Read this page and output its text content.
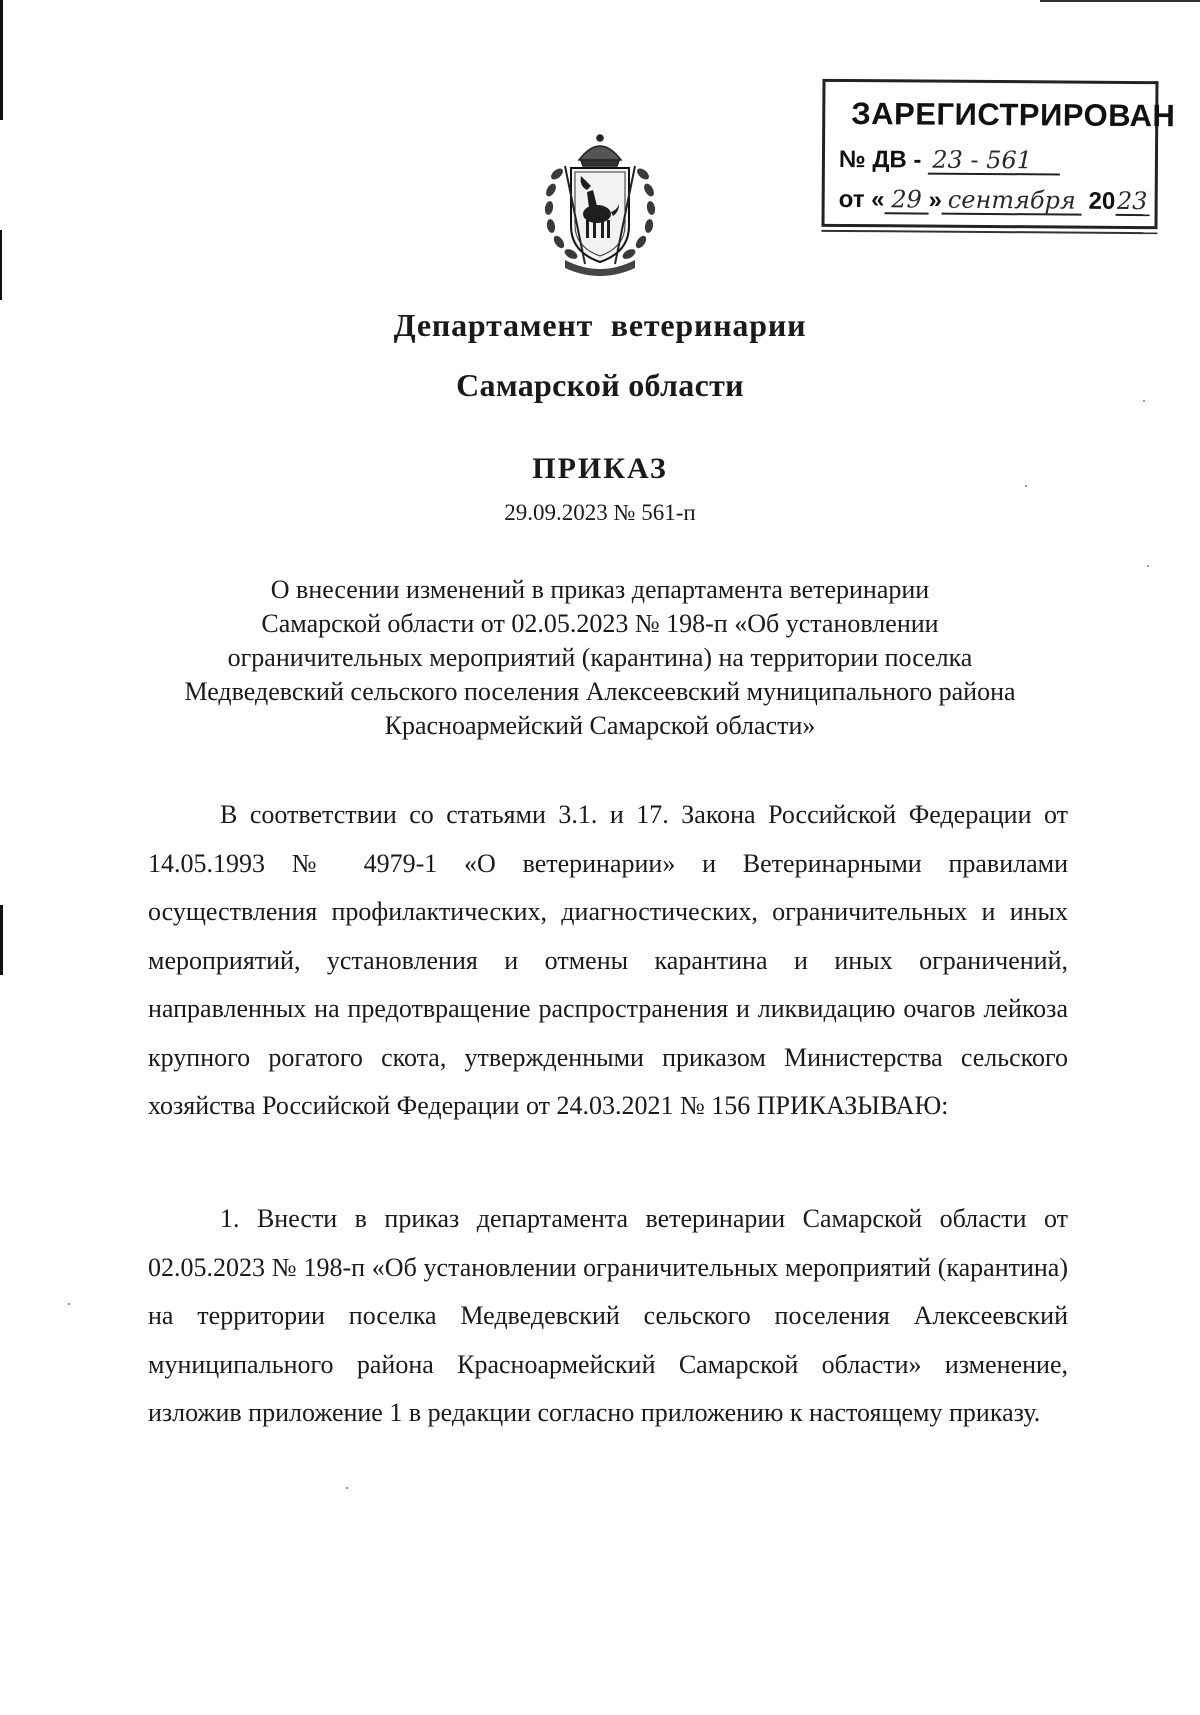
ЗАРЕГИСТРИРОВАН
№ ДВ - 23 - 561
от « 29 » сентября 2023
Департамент  ветеринарии
Самарской области
ПРИКАЗ
29.09.2023 № 561-п

О внесении изменений в приказ департамента ветеринарии
Самарской области от 02.05.2023 № 198-п «Об установлении
ограничительных мероприятий (карантина) на территории поселка
Медведевский сельского поселения Алексеевский муниципального района
Красноармейский Самарской области»

В соответствии со статьями 3.1. и 17. Закона Российской Федерации от 14.05.1993 № 4979-1 «О ветеринарии» и Ветеринарными правилами осуществления профилактических, диагностических, ограничительных и иных мероприятий, установления и отмены карантина и иных ограничений, направленных на предотвращение распространения и ликвидацию очагов лейкоза крупного рогатого скота, утвержденными приказом Министерства сельского хозяйства Российской Федерации от 24.03.2021 № 156 ПРИКАЗЫВАЮ:

1. Внести в приказ департамента ветеринарии Самарской области от 02.05.2023 № 198-п «Об установлении ограничительных мероприятий (карантина) на территории поселка Медведевский сельского поселения Алексеевский муниципального района Красноармейский Самарской области» изменение, изложив приложение 1 в редакции согласно приложению к настоящему приказу.
